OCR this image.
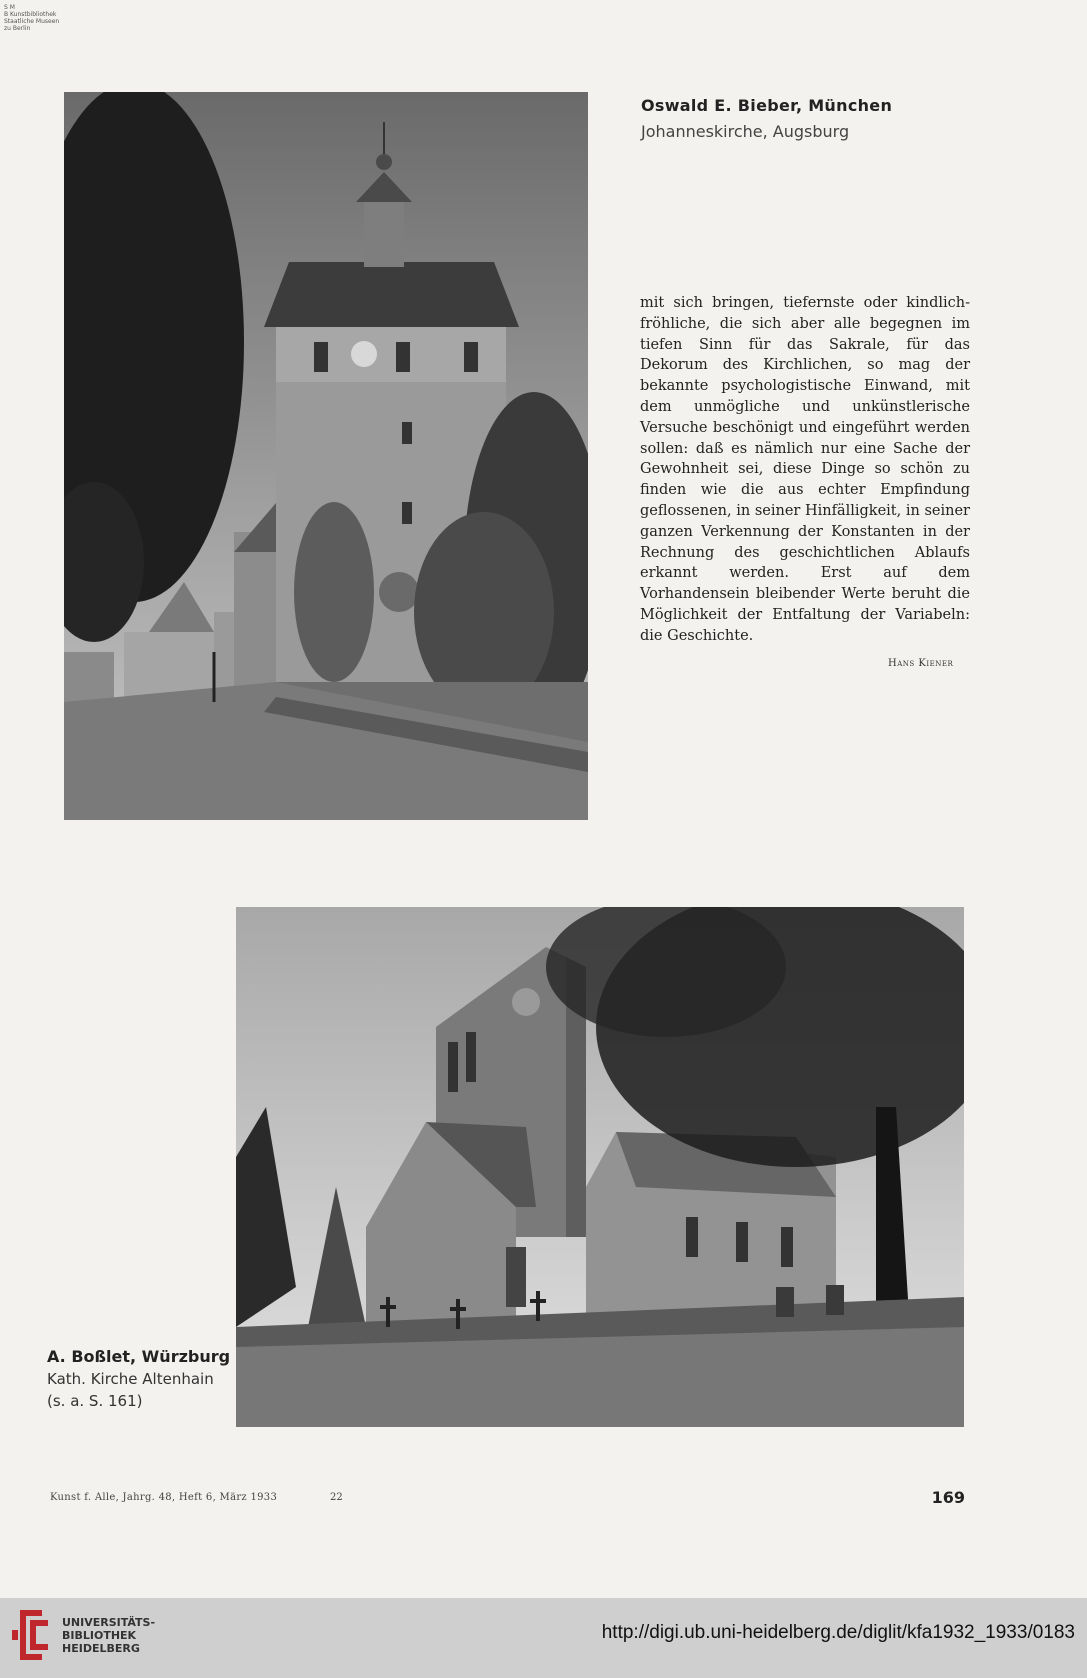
S M
B Kunstbibliothek
Staatliche Museen
zu Berlin
Oswald E. Bieber, München
Johanneskirche, Augsburg
mit sich bringen, tiefernste oder kindlich-fröhliche, die sich aber alle begegnen im tiefen Sinn für das Sakrale, für das Dekorum des Kirchlichen, so mag der bekannte psychologistische Einwand, mit dem unmögliche und unkünstlerische Versuche beschönigt und eingeführt werden sollen: daß es nämlich nur eine Sache der Gewohnheit sei, diese Dinge so schön zu finden wie die aus echter Empfindung geflossenen, in seiner Hinfälligkeit, in seiner ganzen Verkennung der Konstanten in der Rechnung des geschichtlichen Ablaufs erkannt werden. Erst auf dem Vorhandensein bleibender Werte beruht die Möglichkeit der Entfaltung der Variabeln: die Geschichte.
Hans Kiener
A. Boßlet, Würzburg
Kath. Kirche Altenhain
(s. a. S. 161)
Kunst f. Alle, Jahrg. 48, Heft 6, März 1933	22	169
UNIVERSITÄTS-
BIBLIOTHEK
HEIDELBERG
http://digi.ub.uni-heidelberg.de/diglit/kfa1932_1933/0183
